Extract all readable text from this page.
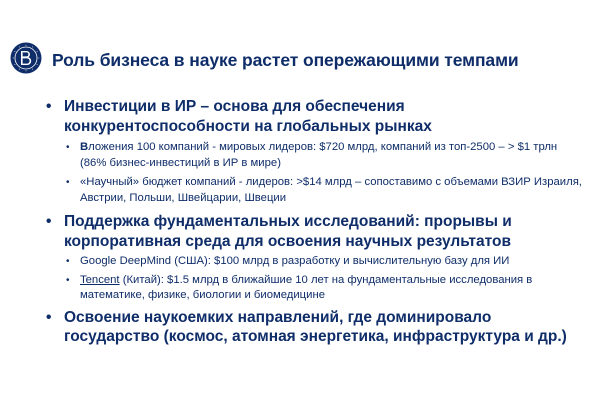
Роль бизнеса в науке растет опережающими темпами
• Инвестиции в ИР – основа для обеспечения конкурентоспособности на глобальных рынках
• Вложения 100 компаний - мировых лидеров: $720 млрд, компаний из топ-2500 – > $1 трлн (86% бизнес-инвестиций в ИР в мире)
• «Научный» бюджет компаний - лидеров: >$14 млрд – сопоставимо с объемами ВЗИР Израиля, Австрии, Польши, Швейцарии, Швеции
• Поддержка фундаментальных исследований: прорывы и корпоративная среда для освоения научных результатов
• Google DeepMind (США): $100 млрд в разработку и вычислительную базу для ИИ
• Tencent (Китай): $1.5 млрд в ближайшие 10 лет на фундаментальные исследования в математике, физике, биологии и биомедицине
• Освоение наукоемких направлений, где доминировало государство (космос, атомная энергетика, инфраструктура и др.)
